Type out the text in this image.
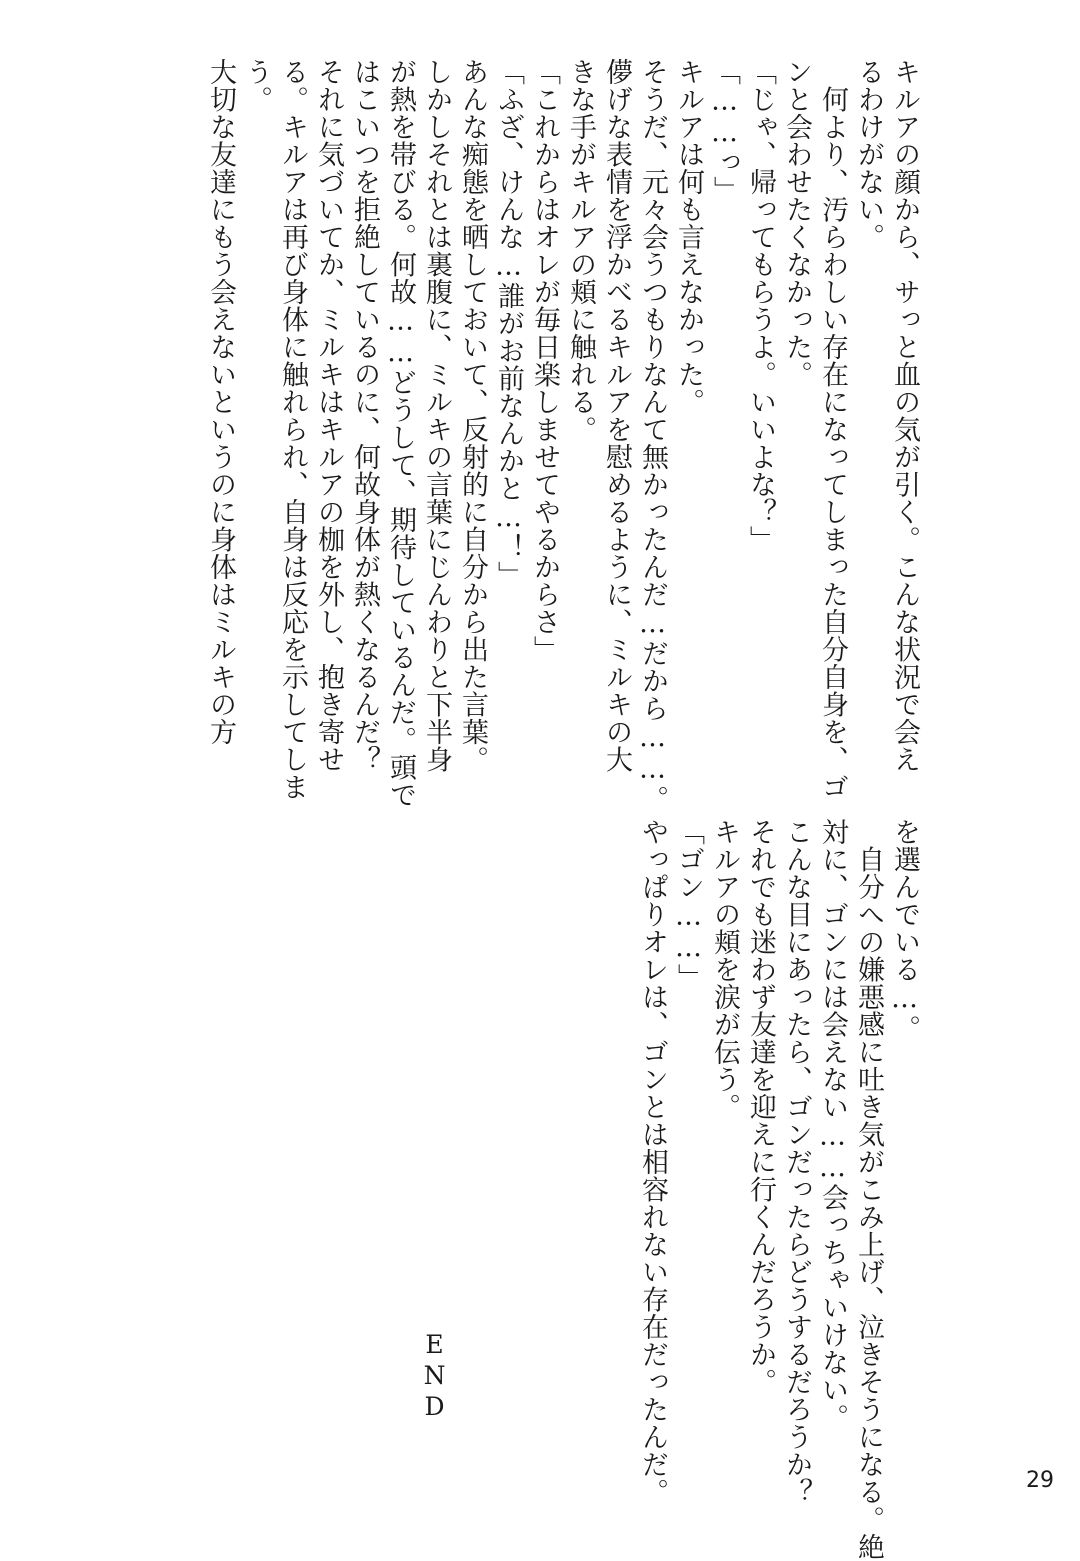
キルアの顔から、サっと血の気が引く。こんな状況で会え
るわけがない。
　何より、汚らわしい存在になってしまった自分自身を、ゴ
ンと会わせたくなかった。
「じゃ、帰ってもらうよ。いいよな？」
「……っ」
キルアは何も言えなかった。
そうだ、元々会うつもりなんて無かったんだ…だから……。
儚げな表情を浮かべるキルアを慰めるように、ミルキの大
きな手がキルアの頬に触れる。
「これからはオレが毎日楽しませてやるからさ」
「ふざ、けんな…誰がお前なんかと…！」
あんな痴態を晒しておいて、反射的に自分から出た言葉。
しかしそれとは裏腹に、ミルキの言葉にじんわりと下半身
が熱を帯びる。何故……どうして、期待しているんだ。頭で
はこいつを拒絶しているのに、何故身体が熱くなるんだ？
それに気づいてか、ミルキはキルアの枷を外し、抱き寄せ
る。キルアは再び身体に触れられ、自身は反応を示してしま
う。
大切な友達にもう会えないというのに身体はミルキの方
を選んでいる…。
　自分への嫌悪感に吐き気がこみ上げ、泣きそうになる。絶
対に、ゴンには会えない……会っちゃいけない。
こんな目にあったら、ゴンだったらどうするだろうか？
それでも迷わず友達を迎えに行くんだろうか。
キルアの頬を涙が伝う。
「ゴン……」
やっぱりオレは、ゴンとは相容れない存在だったんだ。
END
29
